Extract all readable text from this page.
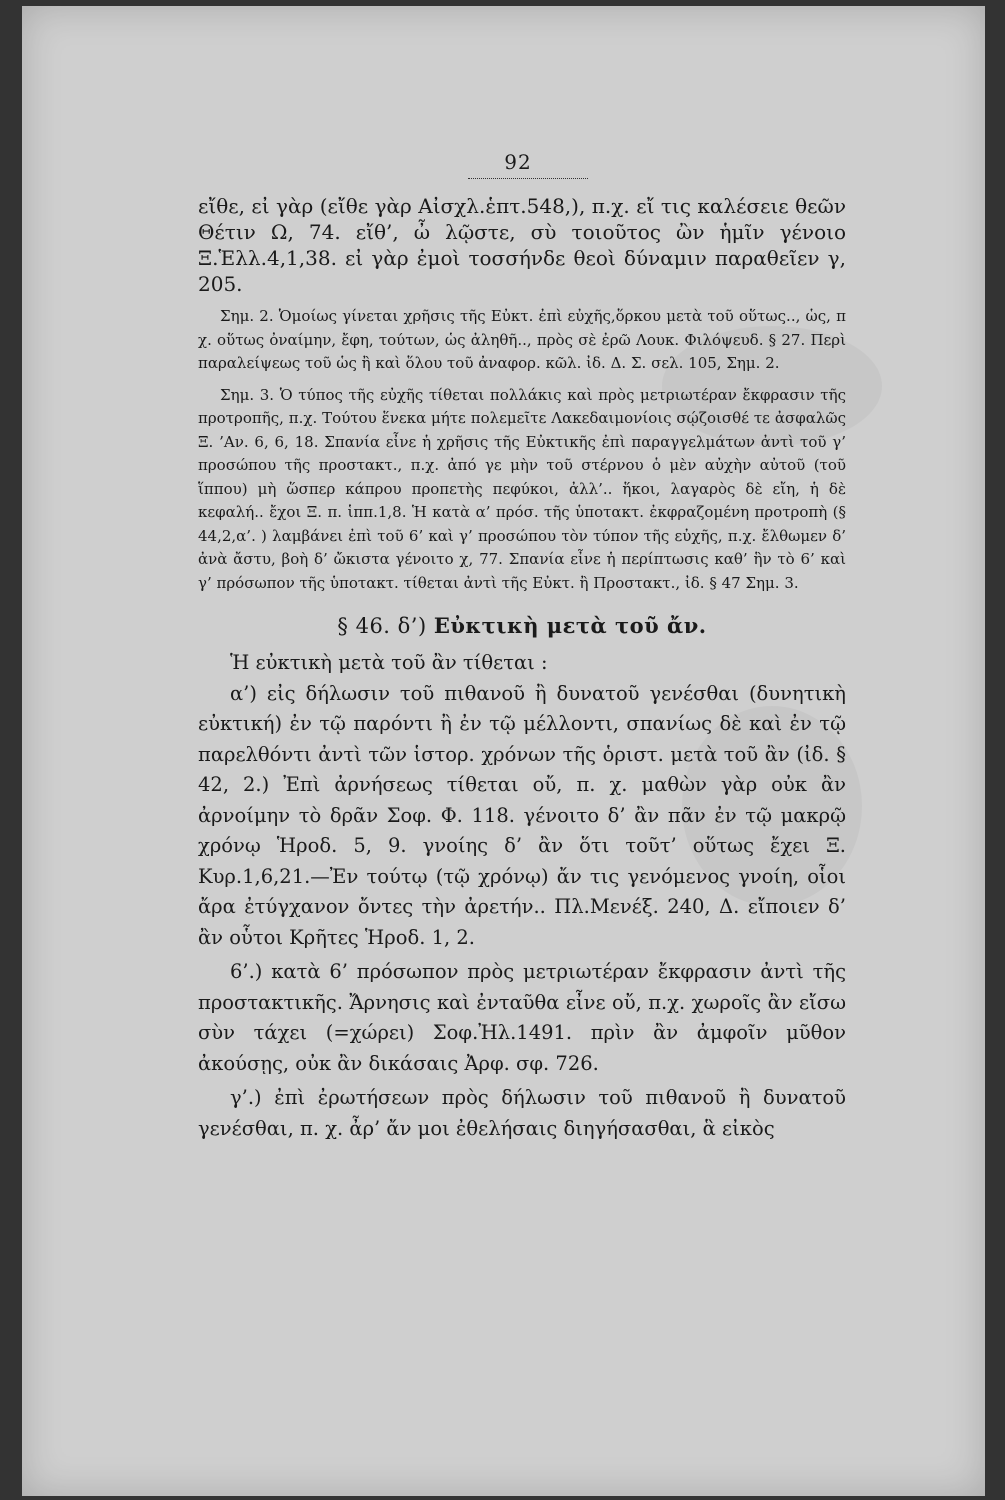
92

εἴθε, εἰ γὰρ (εἴθε γὰρ Αἰσχλ.ἑπτ.548,), π.χ. εἴ τις καλέσειε θεῶν Θέτιν Ω, 74. εἴθ’, ὦ λῷστε, σὺ τοιοῦτος ὢν ἡμῖν γένοιο Ξ.Ἑλλ.4,1,38. εἰ γὰρ ἐμοὶ τοσσήνδε θεοὶ δύναμιν παραθεῖεν γ, 205.

Σημ. 2. Ὁμοίως γίνεται χρῆσις τῆς Εὐκτ. ἐπὶ εὐχῆς,ὅρκου μετὰ τοῦ οὕτως.., ὡς, π χ. οὕτως ὀναίμην, ἔφη, τούτων, ὡς ἀληθῆ.., πρὸς σὲ ἐρῶ Λουκ. Φιλόψευδ. § 27. Περὶ παραλείψεως τοῦ ὡς ἢ καὶ ὅλου τοῦ ἀναφορ. κῶλ. ἰδ. Δ. Σ. σελ. 105, Σημ. 2.

Σημ. 3. Ὁ τύπος τῆς εὐχῆς τίθεται πολλάκις καὶ πρὸς μετριωτέραν ἔκφρασιν τῆς προτροπῆς, π.χ. Τούτου ἕνεκα μήτε πολεμεῖτε Λακεδαιμονίοις σῴζοισθέ τε ἀσφαλῶς Ξ. ’Αν. 6, 6, 18. Σπανία εἶνε ἡ χρῆσις τῆς Εὐκτικῆς ἐπὶ παραγγελμάτων ἀντὶ τοῦ γ’ προσώπου τῆς προστακτ., π.χ. ἀπό γε μὴν τοῦ στέρνου ὁ μὲν αὐχὴν αὐτοῦ (τοῦ ἵππου) μὴ ὥσπερ κάπρου προπετὴς πεφύκοι, ἀλλ’.. ἥκοι, λαγαρὸς δὲ εἴη, ἡ δὲ κεφαλή.. ἔχοι Ξ. π. ἱππ.1,8. Ἡ κατὰ α’ πρόσ. τῆς ὑποτακτ. ἐκφραζομένη προτροπὴ (§ 44,2,α’. ) λαμβάνει ἐπὶ τοῦ 6’ καὶ γ’ προσώπου τὸν τύπον τῆς εὐχῆς, π.χ. ἔλθωμεν δ’ ἀνὰ ἄστυ, βοὴ δ’ ὤκιστα γένοιτο χ, 77. Σπανία εἶνε ἡ περίπτωσις καθ’ ἣν τὸ 6’ καὶ γ’ πρόσωπον τῆς ὑποτακτ. τίθεται ἀντὶ τῆς Εὐκτ. ἢ Προστακτ., ἰδ. § 47 Σημ. 3.

§ 46. δ’) Εὐκτικὴ μετὰ τοῦ ἄν.

Ἡ εὐκτικὴ μετὰ τοῦ ἂν τίθεται :

α’) εἰς δήλωσιν τοῦ πιθανοῦ ἢ δυνατοῦ γενέσθαι (δυνητικὴ εὐκτική) ἐν τῷ παρόντι ἢ ἐν τῷ μέλλοντι, σπανίως δὲ καὶ ἐν τῷ παρελθόντι ἀντὶ τῶν ἱστορ. χρόνων τῆς ὁριστ. μετὰ τοῦ ἂν (ἰδ. § 42, 2.) Ἐπὶ ἀρνήσεως τίθεται οὔ, π. χ. μαθὼν γὰρ οὐκ ἂν ἀρνοίμην τὸ δρᾶν Σοφ. Φ. 118. γένοιτο δ’ ἂν πᾶν ἐν τῷ μακρῷ χρόνῳ Ἡροδ. 5, 9. γνοίης δ’ ἂν ὅτι τοῦτ’ οὕτως ἔχει Ξ. Κυρ.1,6,21.—Ἐν τούτῳ (τῷ χρόνῳ) ἄν τις γενόμενος γνοίη, οἷοι ἄρα ἐτύγχανον ὄντες τὴν ἀρετήν.. Πλ.Μενέξ. 240, Δ. εἴποιεν δ’ ἂν οὗτοι Κρῆτες Ἡροδ. 1, 2.

6’.) κατὰ 6’ πρόσωπον πρὸς μετριωτέραν ἔκφρασιν ἀντὶ τῆς προστακτικῆς. Ἄρνησις καὶ ἐνταῦθα εἶνε οὔ, π.χ. χωροῖς ἂν εἴσω σὺν τάχει (=χώρει) Σοφ.Ἠλ.1491. πρὶν ἂν ἀμφοῖν μῦθον ἀκούσῃς, οὐκ ἂν δικάσαις Ἀρφ. σφ. 726.

γ’.) ἐπὶ ἐρωτήσεων πρὸς δήλωσιν τοῦ πιθανοῦ ἢ δυνατοῦ γενέσθαι, π. χ. ἆρ’ ἄν μοι ἐθελήσαις διηγήσασθαι, ἃ εἰκὸς
